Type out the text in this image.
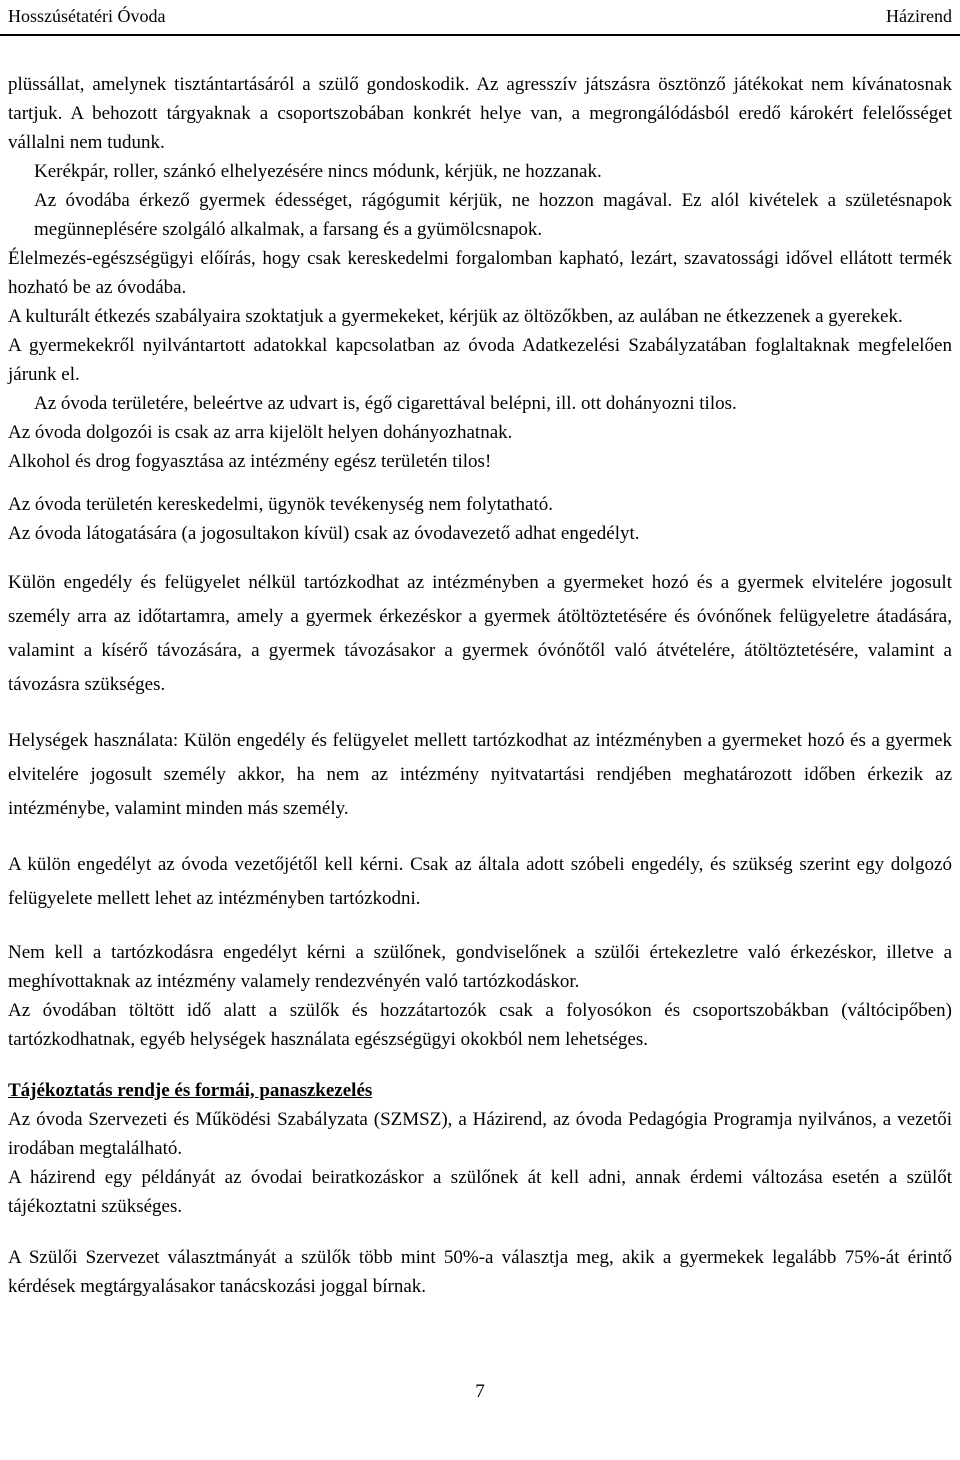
Hosszúsétatéri Óvoda	Házirend

plüssállat, amelynek tisztántartásáról a szülő gondoskodik. Az agresszív játszásra ösztönző játékokat nem kívánatosnak tartjuk. A behozott tárgyaknak a csoportszobában konkrét helye van, a megrongálódásból eredő károkért felelősséget vállalni nem tudunk.

Kerékpár, roller, szánkó elhelyezésére nincs módunk, kérjük, ne hozzanak.

Az óvodába érkező gyermek édességet, rágógumit kérjük, ne hozzon magával. Ez alól kivételek a születésnapok megünneplésére szolgáló alkalmak, a farsang és a gyümölcsnapok.

Élelmezés-egészségügyi előírás, hogy csak kereskedelmi forgalomban kapható, lezárt, szavatossági idővel ellátott termék hozható be az óvodába.

A kulturált étkezés szabályaira szoktatjuk a gyermekeket, kérjük az öltözőkben, az aulában ne étkezzenek a gyerekek.

A gyermekekről nyilvántartott adatokkal kapcsolatban az óvoda Adatkezelési Szabályzatában foglaltaknak megfelelően járunk el.

Az óvoda területére, beleértve az udvart is, égő cigarettával belépni, ill. ott dohányozni tilos.

Az óvoda dolgozói is csak az arra kijelölt helyen dohányozhatnak.

Alkohol és drog fogyasztása az intézmény egész területén tilos!

Az óvoda területén kereskedelmi, ügynök tevékenység nem folytatható.

Az óvoda látogatására (a jogosultakon kívül) csak az óvodavezető adhat engedélyt.

Külön engedély és felügyelet nélkül tartózkodhat az intézményben a gyermeket hozó és a gyermek elvitelére jogosult személy arra az időtartamra, amely a gyermek érkezéskor a gyermek átöltöztetésére és óvónőnek felügyeletre átadására, valamint a kísérő távozására, a gyermek távozásakor a gyermek óvónőtől való átvételére, átöltöztetésére, valamint a távozásra szükséges.

Helységek használata: Külön engedély és felügyelet mellett tartózkodhat az intézményben a gyermeket hozó és a gyermek elvitelére jogosult személy akkor, ha nem az intézmény nyitvatartási rendjében meghatározott időben érkezik az intézménybe, valamint minden más személy.

A külön engedélyt az óvoda vezetőjétől kell kérni. Csak az általa adott szóbeli engedély, és szükség szerint egy dolgozó felügyelete mellett lehet az intézményben tartózkodni.

Nem kell a tartózkodásra engedélyt kérni a szülőnek, gondviselőnek a szülői értekezletre való érkezéskor, illetve a meghívottaknak az intézmény valamely rendezvényén való tartózkodáskor.

Az óvodában töltött idő alatt a szülők és hozzátartozók csak a folyosókon és csoportszobákban (váltócipőben) tartózkodhatnak, egyéb helységek használata egészségügyi okokból nem lehetséges.

Tájékoztatás rendje és formái, panaszkezelés

Az óvoda Szervezeti és Működési Szabályzata (SZMSZ), a Házirend, az óvoda Pedagógia Programja nyilvános, a vezetői irodában megtalálható.

A házirend egy példányát az óvodai beiratkozáskor a szülőnek át kell adni, annak érdemi változása esetén a szülőt tájékoztatni szükséges.

A Szülői Szervezet választmányát a szülők több mint 50%-a választja meg, akik a gyermekek legalább 75%-át érintő kérdések megtárgyalásakor tanácskozási joggal bírnak.

7
